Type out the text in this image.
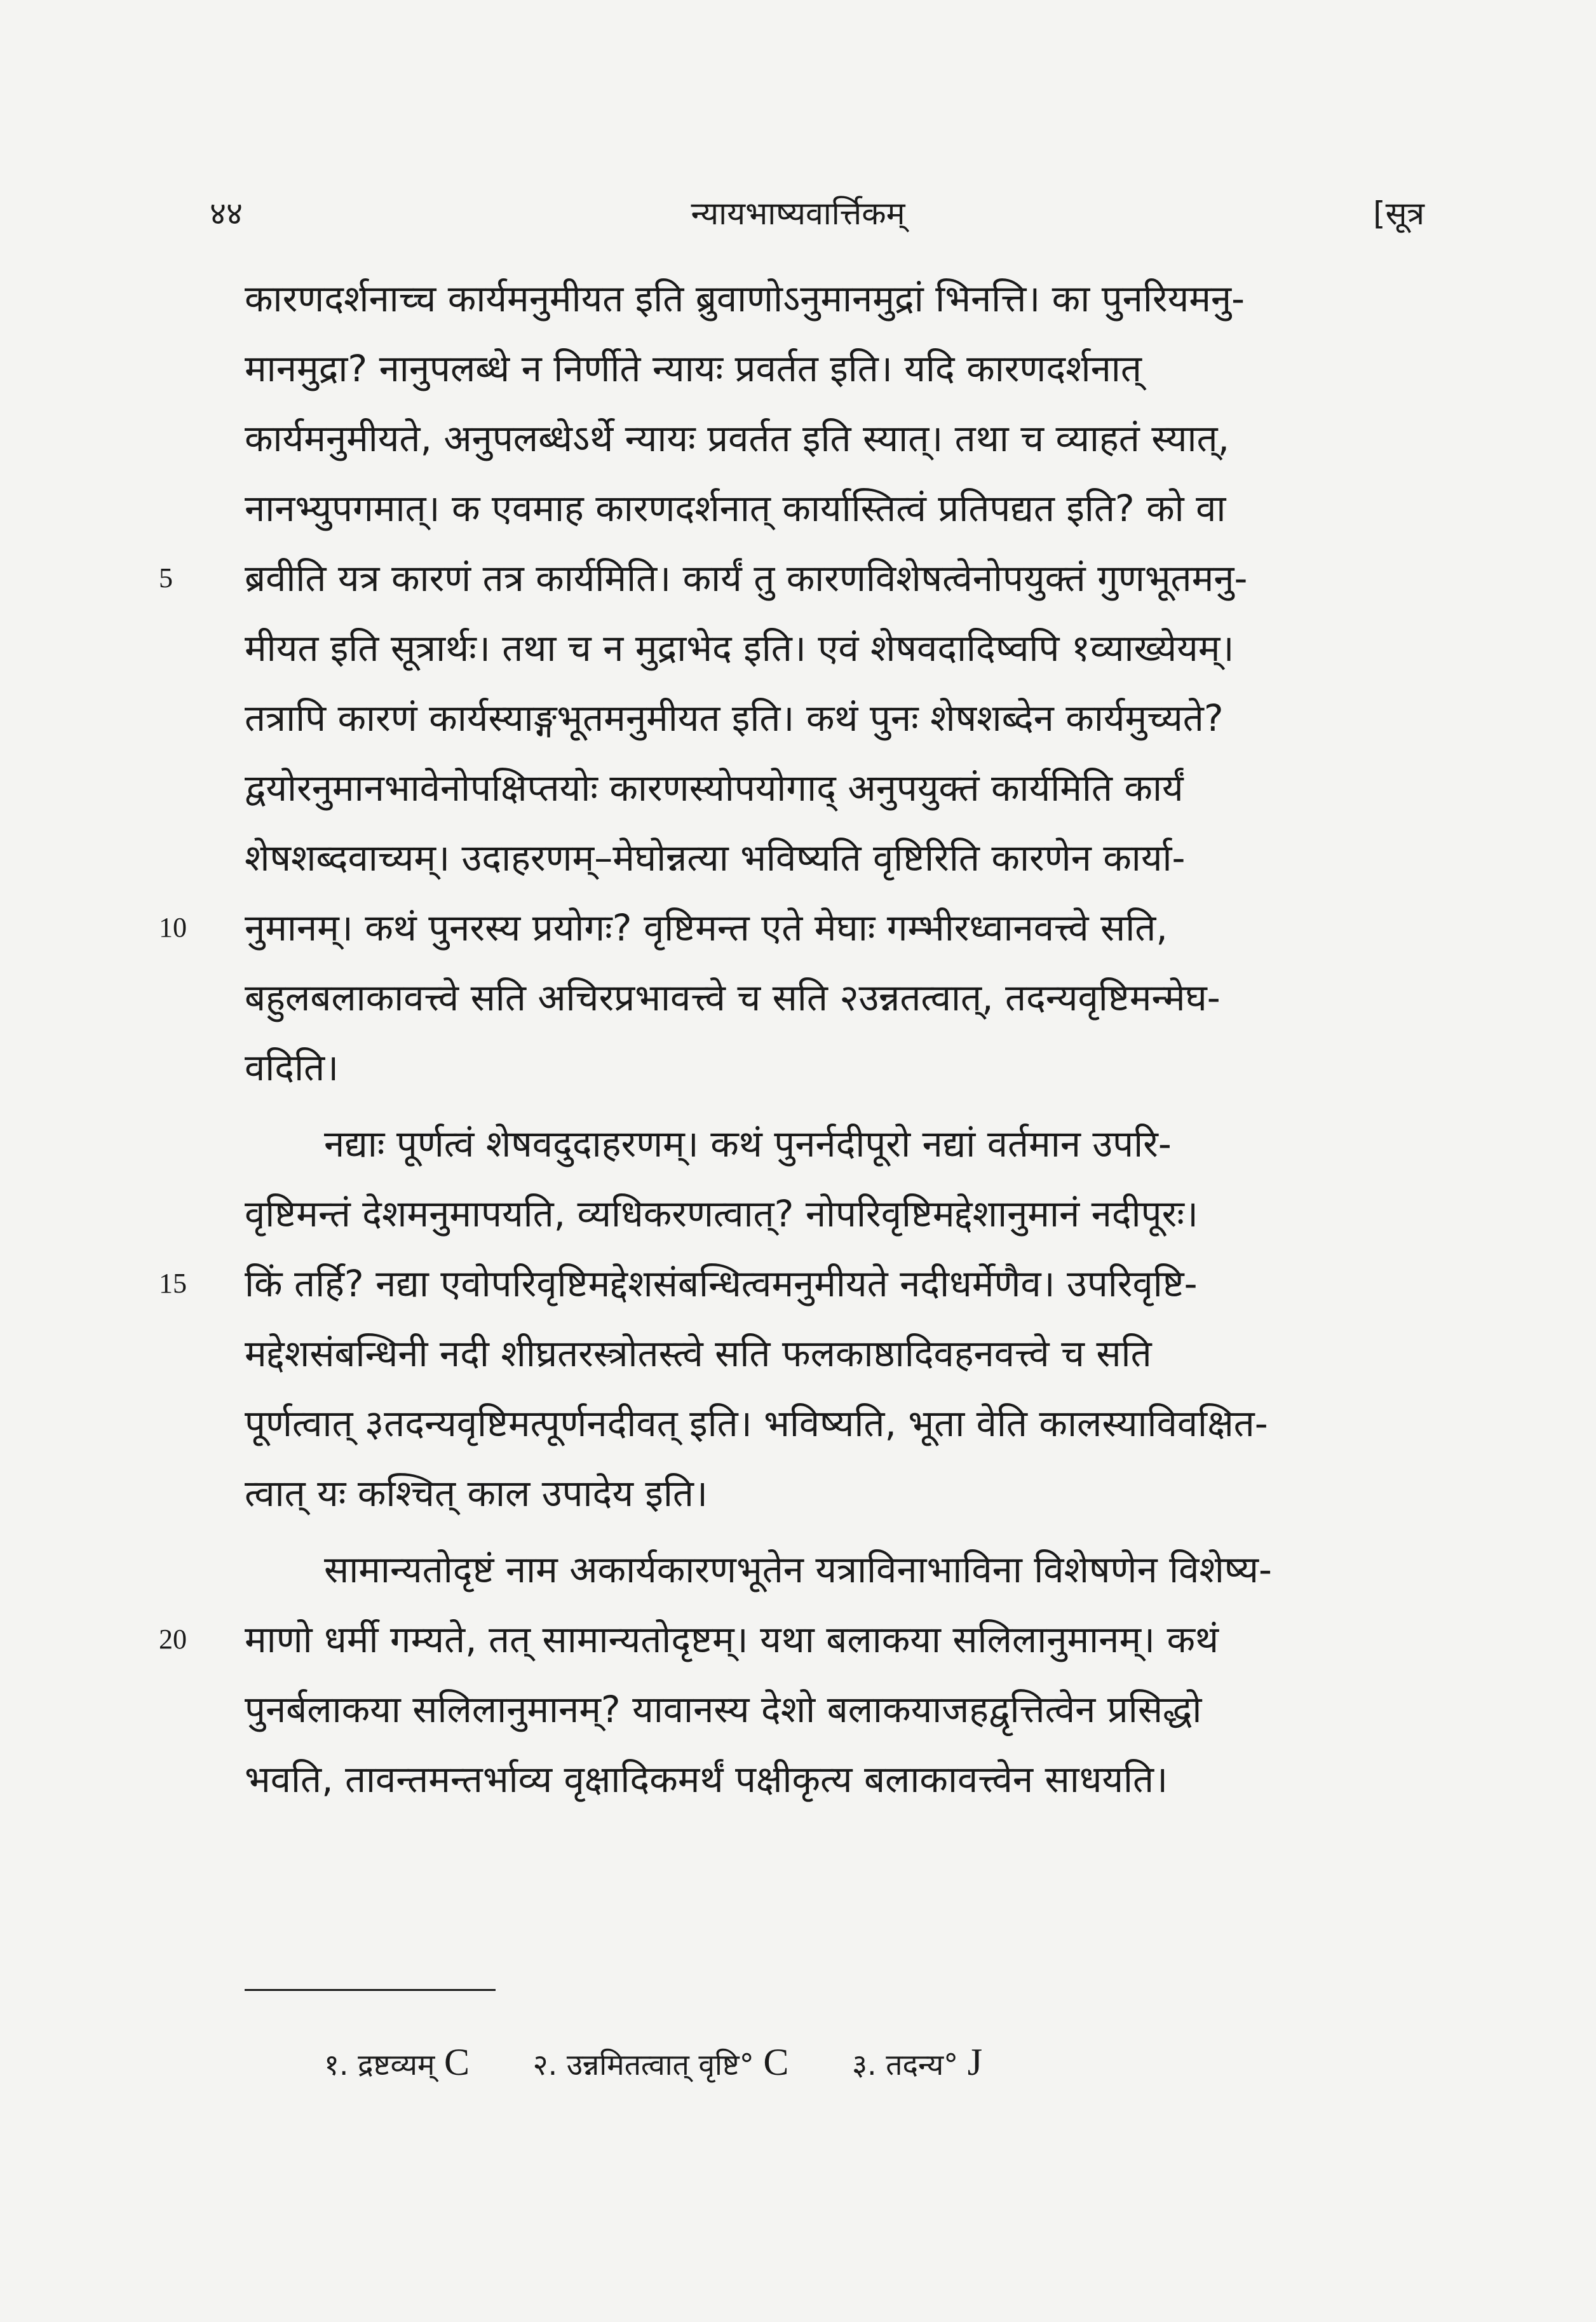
४४	न्यायभाष्यवार्त्तिकम्	[सूत्र
कारणदर्शनाच्च कार्यमनुमीयत इति ब्रुवाणोऽनुमानमुद्रां भिनत्ति। का पुनरियमनु-
मानमुद्रा? नानुपलब्धे न निर्णीते न्यायः प्रवर्तत इति। यदि कारणदर्शनात्
कार्यमनुमीयते, अनुपलब्धेऽर्थे न्यायः प्रवर्तत इति स्यात्। तथा च व्याहतं स्यात्,
नानभ्युपगमात्। क एवमाह कारणदर्शनात् कार्यास्तित्वं प्रतिपद्यत इति? को वा
ब्रवीति यत्र कारणं तत्र कार्यमिति। कार्यं तु कारणविशेषत्वेनोपयुक्तं गुणभूतमनु-
मीयत इति सूत्रार्थः। तथा च न मुद्राभेद इति। एवं शेषवदादिष्वपि १व्याख्येयम्।
तत्रापि कारणं कार्यस्याङ्गभूतमनुमीयत इति। कथं पुनः शेषशब्देन कार्यमुच्यते?
द्वयोरनुमानभावेनोपक्षिप्तयोः कारणस्योपयोगाद् अनुपयुक्तं कार्यमिति कार्यं
शेषशब्दवाच्यम्। उदाहरणम्–मेघोन्नत्या भविष्यति वृष्टिरिति कारणेन कार्या-
नुमानम्। कथं पुनरस्य प्रयोगः? वृष्टिमन्त एते मेघाः गम्भीरध्वानवत्त्वे सति,
बहुलबलाकावत्त्वे सति अचिरप्रभावत्त्वे च सति २उन्नतत्वात्, तदन्यवृष्टिमन्मेघ-
वदिति।
नद्याः पूर्णत्वं शेषवदुदाहरणम्। कथं पुनर्नदीपूरो नद्यां वर्तमान उपरि-
वृष्टिमन्तं देशमनुमापयति, व्यधिकरणत्वात्? नोपरिवृष्टिमद्देशानुमानं नदीपूरः।
किं तर्हि? नद्या एवोपरिवृष्टिमद्देशसंबन्धित्वमनुमीयते नदीधर्मेणैव। उपरिवृष्टि-
मद्देशसंबन्धिनी नदी शीघ्रतरस्त्रोतस्त्वे सति फलकाष्ठादिवहनवत्त्वे च सति
पूर्णत्वात् ३तदन्यवृष्टिमत्पूर्णनदीवत् इति। भविष्यति, भूता वेति कालस्याविवक्षित-
त्वात् यः कश्चित् काल उपादेय इति।
सामान्यतोदृष्टं नाम अकार्यकारणभूतेन यत्राविनाभाविना विशेषणेन विशेष्य-
माणो धर्मी गम्यते, तत् सामान्यतोदृष्टम्। यथा बलाकया सलिलानुमानम्। कथं
पुनर्बलाकया सलिलानुमानम्? यावानस्य देशो बलाकयाजहद्वृत्तित्वेन प्रसिद्धो
भवति, तावन्तमन्तर्भाव्य वृक्षादिकमर्थं पक्षीकृत्य बलाकावत्त्वेन साधयति।
5
10
15
20
१. द्रष्टव्यम् C २. उन्नमितत्वात् वृष्टि° C ३. तदन्य° J
